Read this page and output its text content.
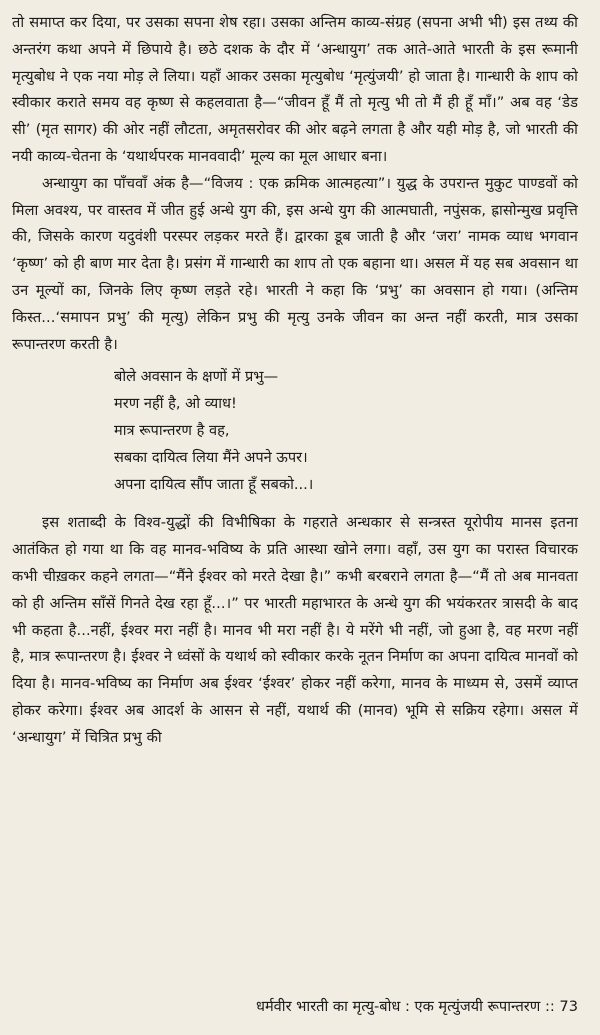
तो समाप्त कर दिया, पर उसका सपना शेष रहा। उसका अन्तिम काव्य-संग्रह (सपना अभी भी) इस तथ्य की अन्तरंग कथा अपने में छिपाये है। छठे दशक के दौर में ‘अन्धायुग’ तक आते-आते भारती के इस रूमानी मृत्युबोध ने एक नया मोड़ ले लिया। यहाँ आकर उसका मृत्युबोध ‘मृत्युंजयी’ हो जाता है। गान्धारी के शाप को स्वीकार कराते समय वह कृष्ण से कहलवाता है—“जीवन हूँ मैं तो मृत्यु भी तो मैं ही हूँ माँ।” अब वह ‘डेड सी’ (मृत सागर) की ओर नहीं लौटता, अमृतसरोवर की ओर बढ़ने लगता है और यही मोड़ है, जो भारती की नयी काव्य-चेतना के ‘यथार्थपरक मानववादी’ मूल्य का मूल आधार बना।

अन्धायुग का पाँचवाँ अंक है—“विजय : एक क्रमिक आत्महत्या”। युद्ध के उपरान्त मुकुट पाण्डवों को मिला अवश्य, पर वास्तव में जीत हुई अन्धे युग की, इस अन्धे युग की आत्मघाती, नपुंसक, ह्रासोन्मुख प्रवृत्ति की, जिसके कारण यदुवंशी परस्पर लड़कर मरते हैं। द्वारका डूब जाती है और ‘जरा’ नामक व्याध भगवान ‘कृष्ण’ को ही बाण मार देता है। प्रसंग में गान्धारी का शाप तो एक बहाना था। असल में यह सब अवसान था उन मूल्यों का, जिनके लिए कृष्ण लड़ते रहे। भारती ने कहा कि ‘प्रभु’ का अवसान हो गया। (अन्तिम किस्त...‘समापन प्रभु’ की मृत्यु) लेकिन प्रभु की मृत्यु उनके जीवन का अन्त नहीं करती, मात्र उसका रूपान्तरण करती है।

बोले अवसान के क्षणों में प्रभु—
मरण नहीं है, ओ व्याध!
मात्र रूपान्तरण है वह,
सबका दायित्व लिया मैंने अपने ऊपर।
अपना दायित्व सौंप जाता हूँ सबको...।

इस शताब्दी के विश्व-युद्धों की विभीषिका के गहराते अन्धकार से सन्त्रस्त यूरोपीय मानस इतना आतंकित हो गया था कि वह मानव-भविष्य के प्रति आस्था खोने लगा। वहाँ, उस युग का परास्त विचारक कभी चीख़कर कहने लगता—“मैंने ईश्वर को मरते देखा है।” कभी बरबराने लगता है—“मैं तो अब मानवता को ही अन्तिम साँसें गिनते देख रहा हूँ...।” पर भारती महाभारत के अन्धे युग की भयंकरतर त्रासदी के बाद भी कहता है...नहीं, ईश्वर मरा नहीं है। मानव भी मरा नहीं है। ये मरेंगे भी नहीं, जो हुआ है, वह मरण नहीं है, मात्र रूपान्तरण है। ईश्वर ने ध्वंसों के यथार्थ को स्वीकार करके नूतन निर्माण का अपना दायित्व मानवों को दिया है। मानव-भविष्य का निर्माण अब ईश्वर ‘ईश्वर’ होकर नहीं करेगा, मानव के माध्यम से, उसमें व्याप्त होकर करेगा। ईश्वर अब आदर्श के आसन से नहीं, यथार्थ की (मानव) भूमि से सक्रिय रहेगा। असल में ‘अन्धायुग’ में चित्रित प्रभु की

धर्मवीर भारती का मृत्यु-बोध : एक मृत्युंजयी रूपान्तरण :: 73
